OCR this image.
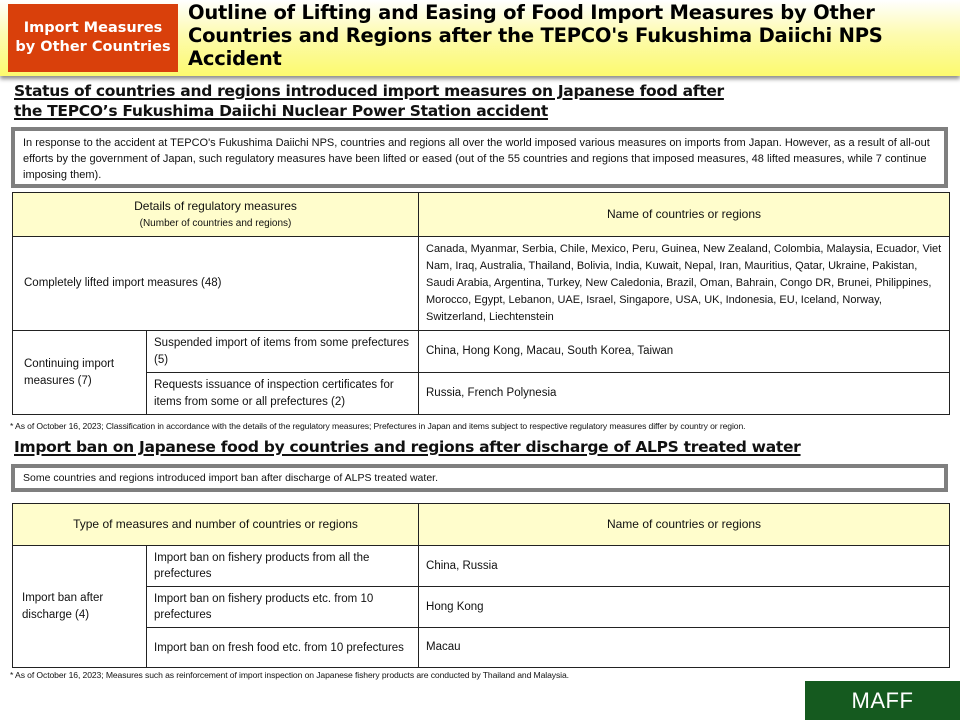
Import Measures by Other Countries
Outline of Lifting and Easing of Food Import Measures by Other Countries and Regions after the TEPCO's Fukushima Daiichi NPS Accident
Status of countries and regions introduced import measures on Japanese food after the TEPCO’s Fukushima Daiichi Nuclear Power Station accident
In response to the accident at TEPCO's Fukushima Daiichi NPS, countries and regions all over the world imposed various measures on imports from Japan. However, as a result of all-out efforts by the government of Japan, such regulatory measures have been lifted or eased (out of the 55 countries and regions that imposed measures, 48 lifted measures, while 7 continue imposing them).
Details of regulatory measures
(Number of countries and regions)		Name of countries or regions
Completely lifted import measures (48)		Canada, Myanmar, Serbia, Chile, Mexico, Peru, Guinea, New Zealand, Colombia, Malaysia, Ecuador, Viet Nam, Iraq, Australia, Thailand, Bolivia, India, Kuwait, Nepal, Iran, Mauritius, Qatar, Ukraine, Pakistan, Saudi Arabia, Argentina, Turkey, New Caledonia, Brazil, Oman, Bahrain, Congo DR, Brunei, Philippines, Morocco, Egypt, Lebanon, UAE, Israel, Singapore, USA, UK, Indonesia, EU, Iceland, Norway, Switzerland, Liechtenstein
Continuing import measures (7)	Suspended import of items from some prefectures (5)	China, Hong Kong, Macau, South Korea, Taiwan
	Requests issuance of inspection certificates for items from some or all prefectures (2)	Russia, French Polynesia
* As of October 16, 2023; Classification in accordance with the details of the regulatory measures; Prefectures in Japan and items subject to respective regulatory measures differ by country or region.
Import ban on Japanese food by countries and regions after discharge of ALPS treated water
Some countries and regions introduced import ban after discharge of ALPS treated water.
Type of measures and number of countries or regions		Name of countries or regions
Import ban after discharge (4)	Import ban on fishery products from all the prefectures	China, Russia
	Import ban on fishery products etc. from 10 prefectures	Hong Kong
	Import ban on fresh food etc. from 10 prefectures	Macau
* As of October 16, 2023; Measures such as reinforcement of import inspection on Japanese fishery products are conducted by Thailand and Malaysia.
MAFF
